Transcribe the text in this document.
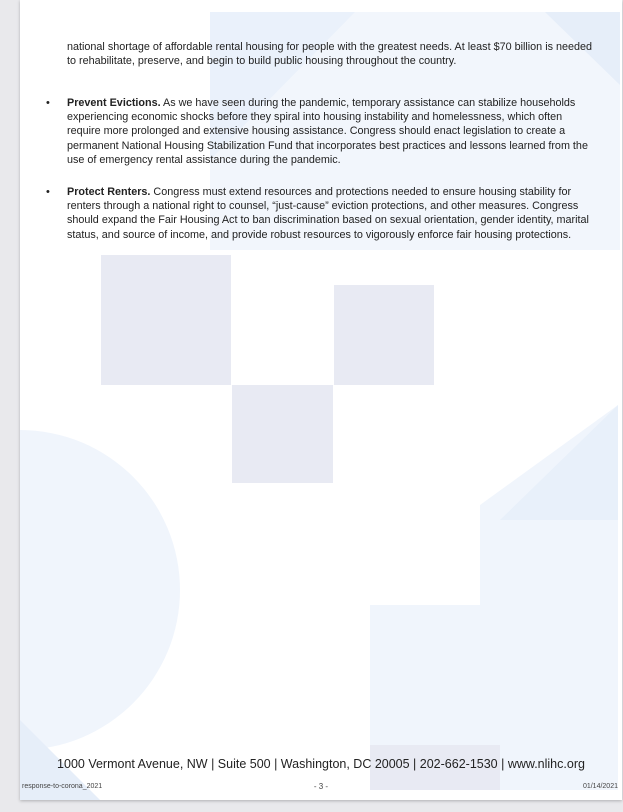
national shortage of affordable rental housing for people with the greatest needs. At least $70 billion is needed to rehabilitate, preserve, and begin to build public housing throughout the country.

• Prevent Evictions. As we have seen during the pandemic, temporary assistance can stabilize households experiencing economic shocks before they spiral into housing instability and homelessness, which often require more prolonged and extensive housing assistance. Congress should enact legislation to create a permanent National Housing Stabilization Fund that incorporates best practices and lessons learned from the use of emergency rental assistance during the pandemic.

• Protect Renters. Congress must extend resources and protections needed to ensure housing stability for renters through a national right to counsel, “just-cause” eviction protections, and other measures. Congress should expand the Fair Housing Act to ban discrimination based on sexual orientation, gender identity, marital status, and source of income, and provide robust resources to vigorously enforce fair housing protections.

1000 Vermont Avenue, NW | Suite 500 | Washington, DC 20005 | 202-662-1530 | www.nlihc.org
response-to-corona_2021	- 3 -	01/14/2021
